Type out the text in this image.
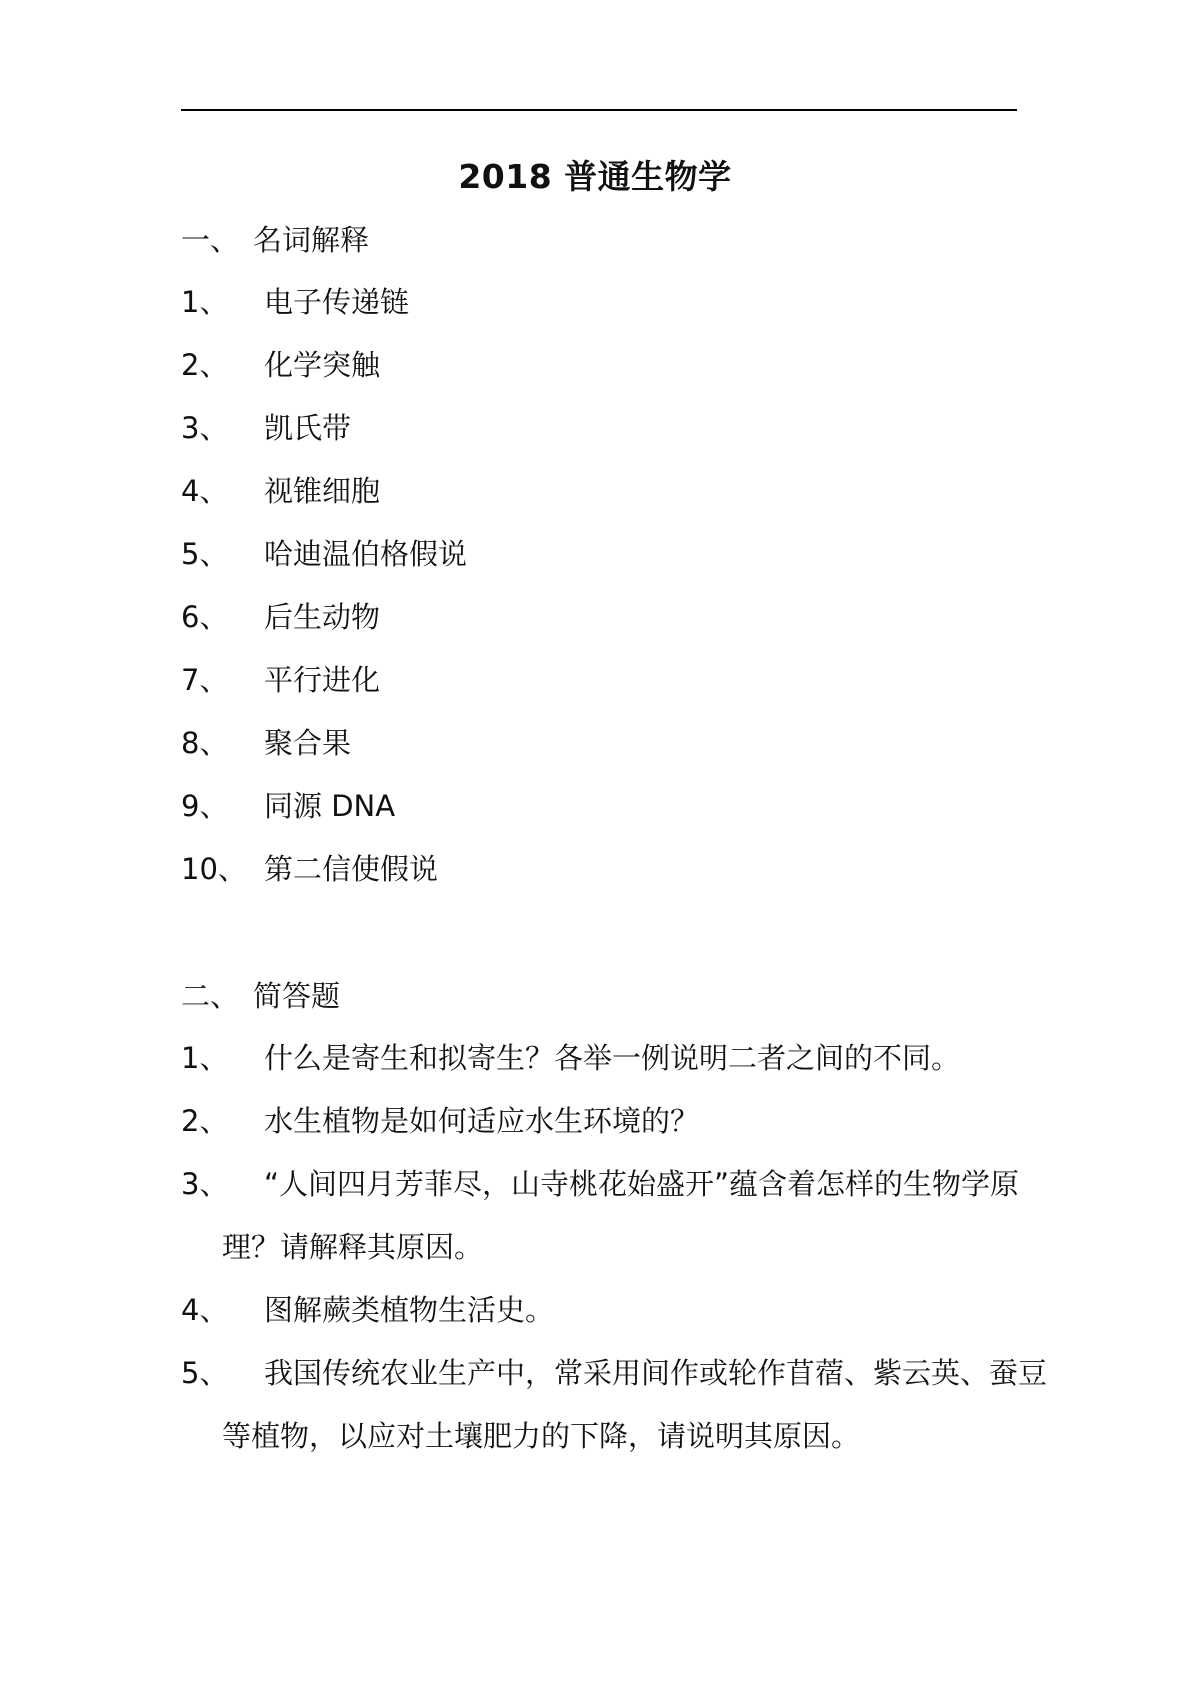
2018 普通生物学
一、 名词解释
1、 电子传递链
2、 化学突触
3、 凯氏带
4、 视锥细胞
5、 哈迪温伯格假说
6、 后生动物
7、 平行进化
8、 聚合果
9、 同源 DNA
10、 第二信使假说
二、 简答题
1、 什么是寄生和拟寄生？各举一例说明二者之间的不同。
2、 水生植物是如何适应水生环境的？
3、 “人间四月芳菲尽，山寺桃花始盛开”蕴含着怎样的生物学原
理？请解释其原因。
4、 图解蕨类植物生活史。
5、 我国传统农业生产中，常采用间作或轮作苜蓿、紫云英、蚕豆
等植物，以应对土壤肥力的下降，请说明其原因。
